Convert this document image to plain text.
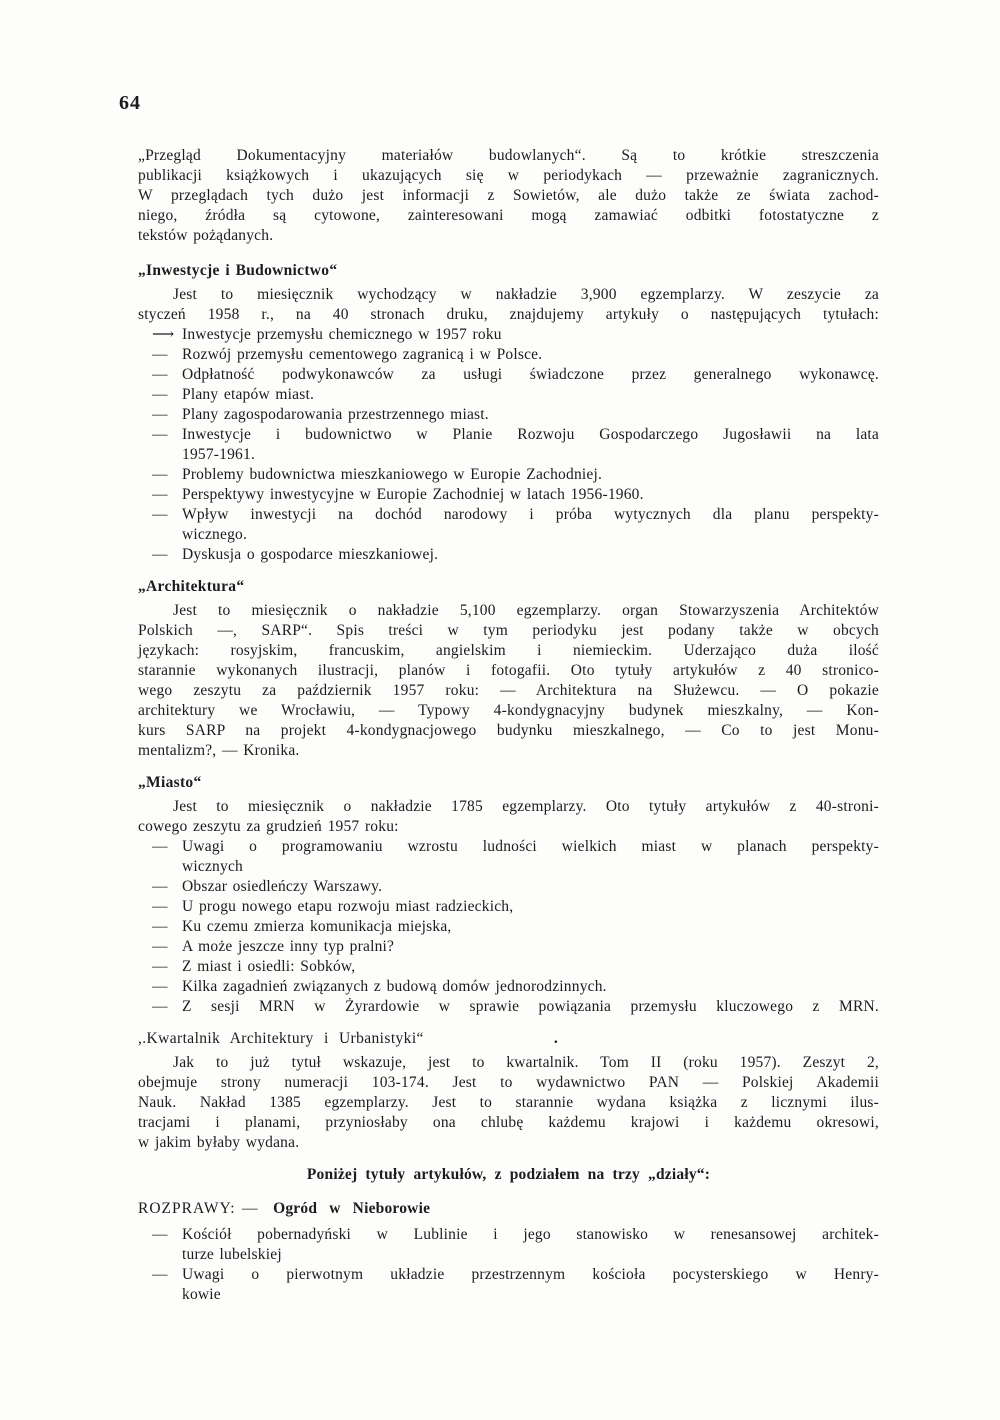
64
„Przegląd Dokumentacyjny materiałów budowlanych“. Są to krótkie streszczenia
publikacji książkowych i ukazujących się w periodykach — przeważnie zagranicznych.
W przeglądach tych dużo jest informacji z Sowietów, ale dużo także ze świata zachod-
niego, źródła są cytowone, zainteresowani mogą zamawiać odbitki fotostatyczne z
tekstów pożądanych.
„Inwestycje i Budownictwo“
Jest to miesięcznik wychodzący w nakładzie 3,900 egzemplarzy. W zeszycie za
styczeń 1958 r., na 40 stronach druku, znajdujemy artykuły o następujących tytułach:
⟶ Inwestycje przemysłu chemicznego w 1957 roku
— Rozwój przemysłu cementowego zagranicą i w Polsce.
— Odpłatność podwykonawców za usługi świadczone przez generalnego wykonawcę.
— Plany etapów miast.
— Plany zagospodarowania przestrzennego miast.
— Inwestycje i budownictwo w Planie Rozwoju Gospodarczego Jugosławii na lata
1957-1961.
— Problemy budownictwa mieszkaniowego w Europie Zachodniej.
— Perspektywy inwestycyjne w Europie Zachodniej w latach 1956-1960.
— Wpływ inwestycji na dochód narodowy i próba wytycznych dla planu perspekty-
wicznego.
— Dyskusja o gospodarce mieszkaniowej.
„Architektura“
Jest to miesięcznik o nakładzie 5,100 egzemplarzy. organ Stowarzyszenia Architektów
Polskich —, SARP“. Spis treści w tym periodyku jest podany także w obcych
językach: rosyjskim, francuskim, angielskim i niemieckim. Uderzająco duża ilość
starannie wykonanych ilustracji, planów i fotogafii. Oto tytuły artykułów z 40 stronico-
wego zeszytu za październik 1957 roku: — Architektura na Służewcu. — O pokazie
architektury we Wrocławiu, — Typowy 4-kondygnacyjny budynek mieszkalny, — Kon-
kurs SARP na projekt 4-kondygnacjowego budynku mieszkalnego, — Co to jest Monu-
mentalizm?, — Kronika.
„Miasto“
Jest to miesięcznik o nakładzie 1785 egzemplarzy. Oto tytuły artykułów z 40-stroni-
cowego zeszytu za grudzień 1957 roku:
— Uwagi o programowaniu wzrostu ludności wielkich miast w planach perspekty-
wicznych
— Obszar osiedleńczy Warszawy.
— U progu nowego etapu rozwoju miast radzieckich,
— Ku czemu zmierza komunikacja miejska,
— A może jeszcze inny typ pralni?
— Z miast i osiedli: Sobków,
— Kilka zagadnień związanych z budową domów jednorodzinnych.
— Z sesji MRN w Żyrardowie w sprawie powiązania przemysłu kluczowego z MRN.
,.Kwartalnik Architektury i Urbanistyki“	.
Jak to już tytuł wskazuje, jest to kwartalnik. Tom II (roku 1957). Zeszyt 2,
obejmuje strony numeracji 103-174. Jest to wydawnictwo PAN — Polskiej Akademii
Nauk. Nakład 1385 egzemplarzy. Jest to starannie wydana książka z licznymi ilus-
tracjami i planami, przyniosłaby ona chlubę każdemu krajowi i każdemu okresowi,
w jakim byłaby wydana.
Poniżej tytuły artykułów, z podziałem na trzy „działy“:
ROZPRAWY: — Ogród w Nieborowie
— Kościół pobernadyński w Lublinie i jego stanowisko w renesansowej architek-
turze lubelskiej
— Uwagi o pierwotnym układzie przestrzennym kościoła pocysterskiego w Henry-
kowie
